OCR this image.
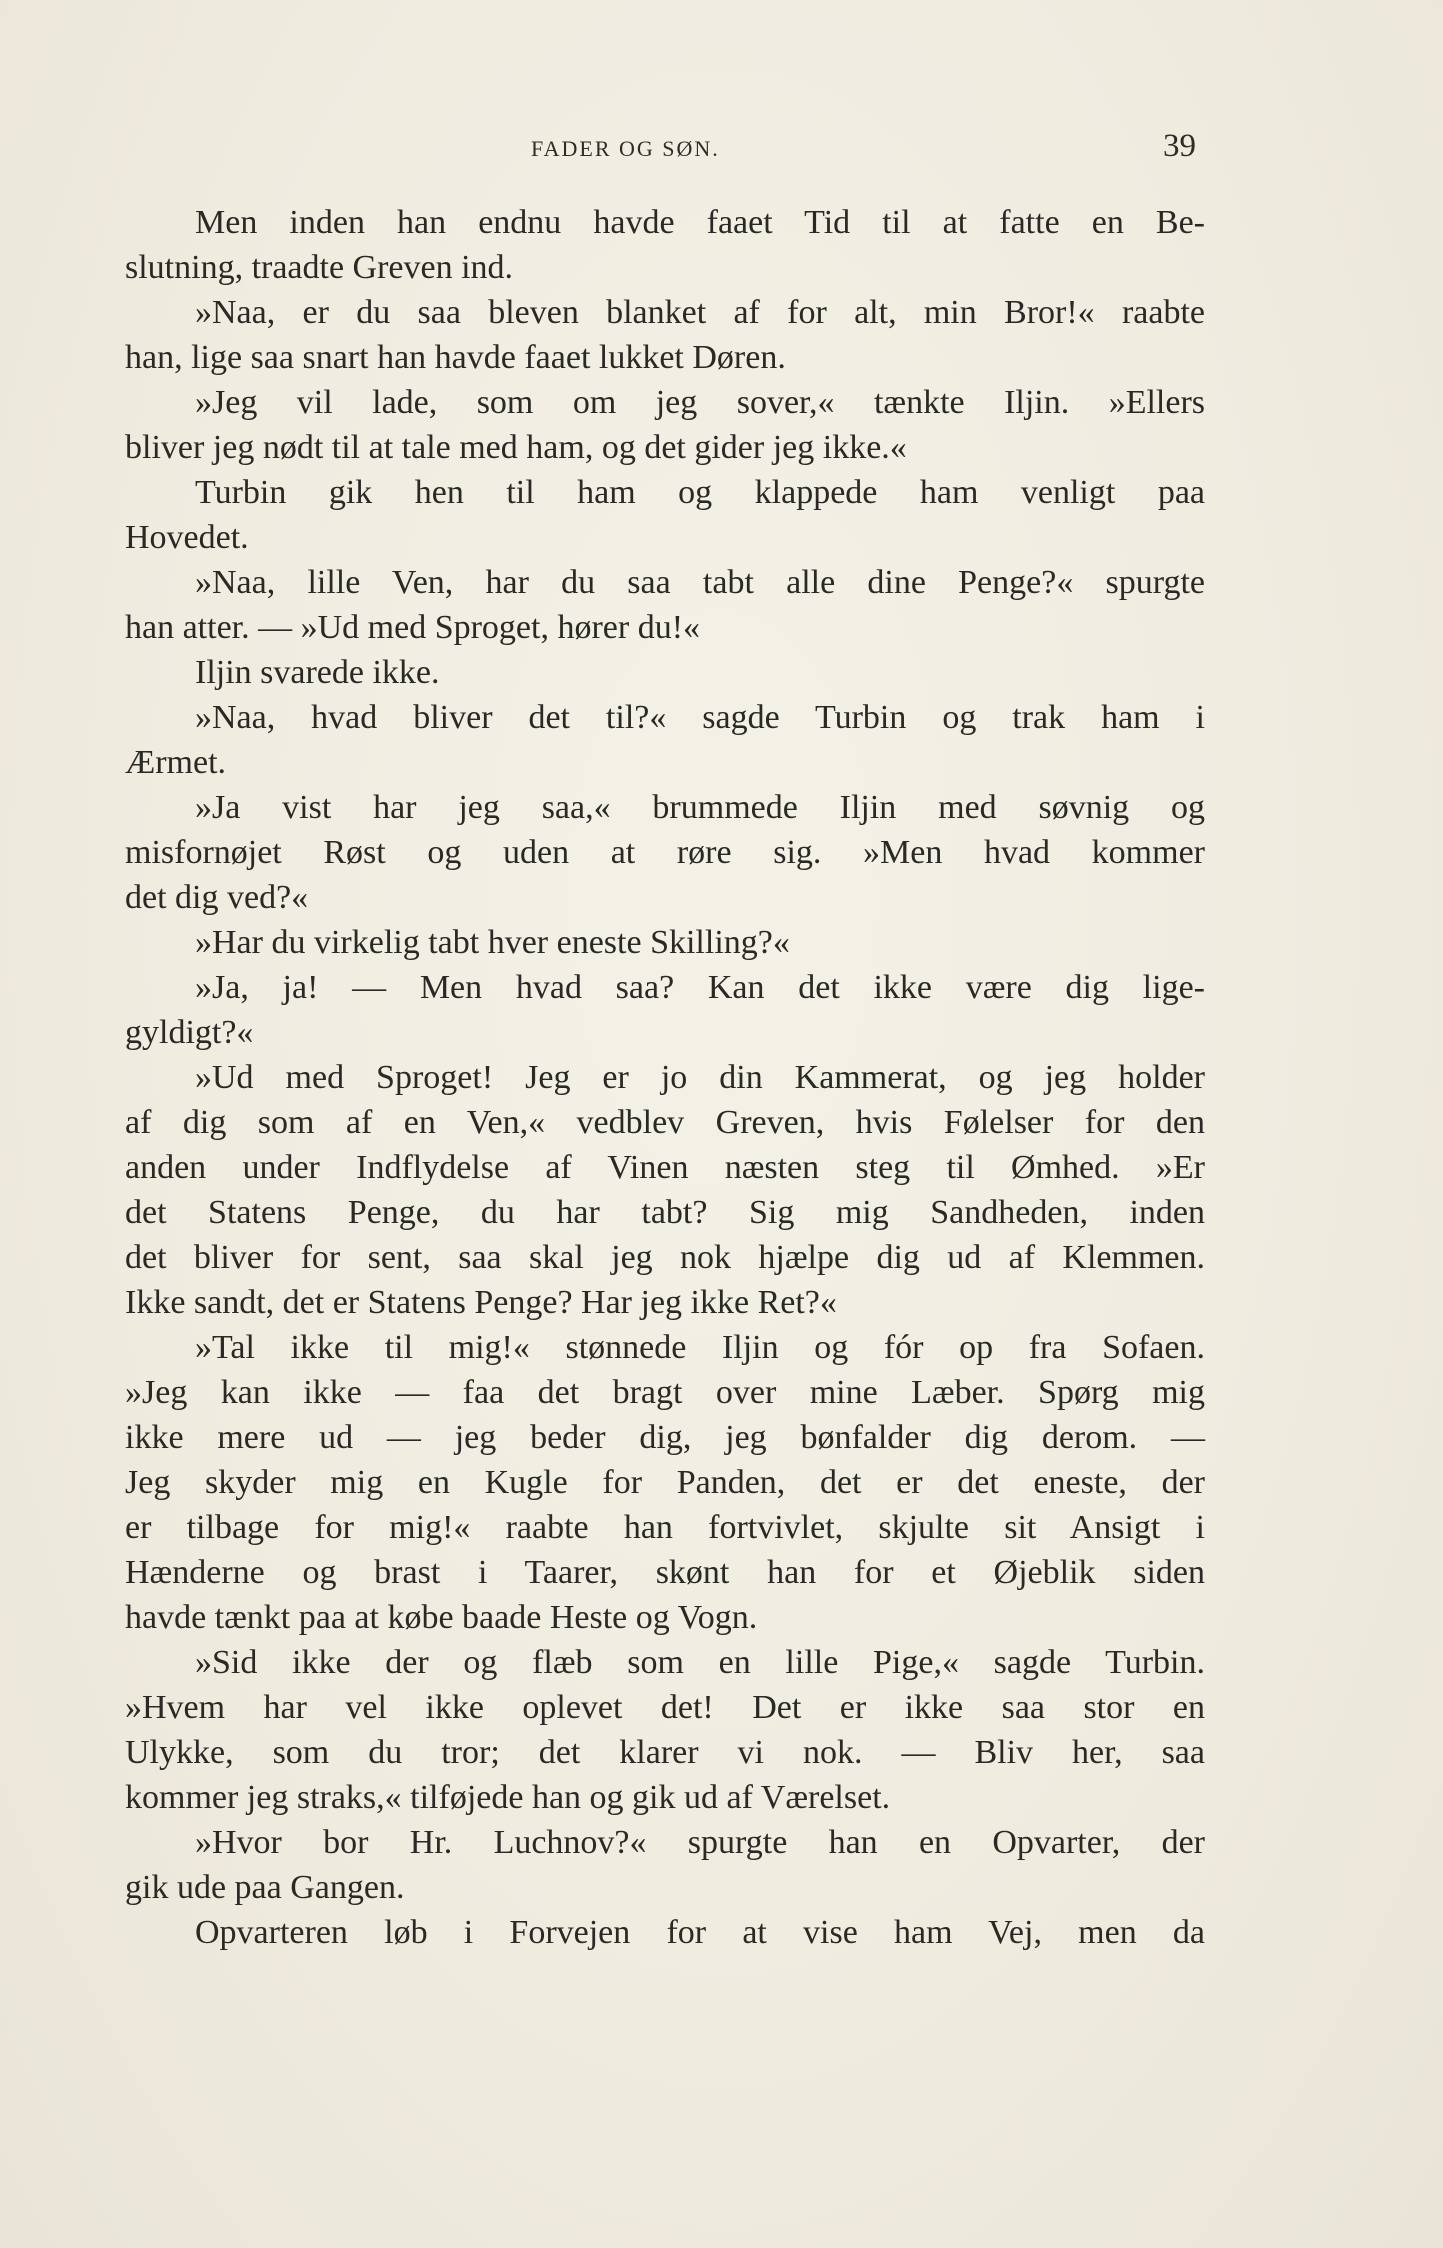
FADER OG SØN.	39
Men inden han endnu havde faaet Tid til at fatte en Be-
slutning, traadte Greven ind.
»Naa, er du saa bleven blanket af for alt, min Bror!« raabte
han, lige saa snart han havde faaet lukket Døren.
»Jeg vil lade, som om jeg sover,« tænkte Iljin. »Ellers
bliver jeg nødt til at tale med ham, og det gider jeg ikke.«
Turbin gik hen til ham og klappede ham venligt paa
Hovedet.
»Naa, lille Ven, har du saa tabt alle dine Penge?« spurgte
han atter. — »Ud med Sproget, hører du!«
Iljin svarede ikke.
»Naa, hvad bliver det til?« sagde Turbin og trak ham i
Ærmet.
»Ja vist har jeg saa,« brummede Iljin med søvnig og
misfornøjet Røst og uden at røre sig. »Men hvad kommer
det dig ved?«
»Har du virkelig tabt hver eneste Skilling?«
»Ja, ja! — Men hvad saa? Kan det ikke være dig lige-
gyldigt?«
»Ud med Sproget! Jeg er jo din Kammerat, og jeg holder
af dig som af en Ven,« vedblev Greven, hvis Følelser for den
anden under Indflydelse af Vinen næsten steg til Ømhed. »Er
det Statens Penge, du har tabt? Sig mig Sandheden, inden
det bliver for sent, saa skal jeg nok hjælpe dig ud af Klemmen.
Ikke sandt, det er Statens Penge? Har jeg ikke Ret?«
»Tal ikke til mig!« stønnede Iljin og fór op fra Sofaen.
»Jeg kan ikke — faa det bragt over mine Læber. Spørg mig
ikke mere ud — jeg beder dig, jeg bønfalder dig derom. —
Jeg skyder mig en Kugle for Panden, det er det eneste, der
er tilbage for mig!« raabte han fortvivlet, skjulte sit Ansigt i
Hænderne og brast i Taarer, skønt han for et Øjeblik siden
havde tænkt paa at købe baade Heste og Vogn.
»Sid ikke der og flæb som en lille Pige,« sagde Turbin.
»Hvem har vel ikke oplevet det! Det er ikke saa stor en
Ulykke, som du tror; det klarer vi nok. — Bliv her, saa
kommer jeg straks,« tilføjede han og gik ud af Værelset.
»Hvor bor Hr. Luchnov?« spurgte han en Opvarter, der
gik ude paa Gangen.
Opvarteren løb i Forvejen for at vise ham Vej, men da
